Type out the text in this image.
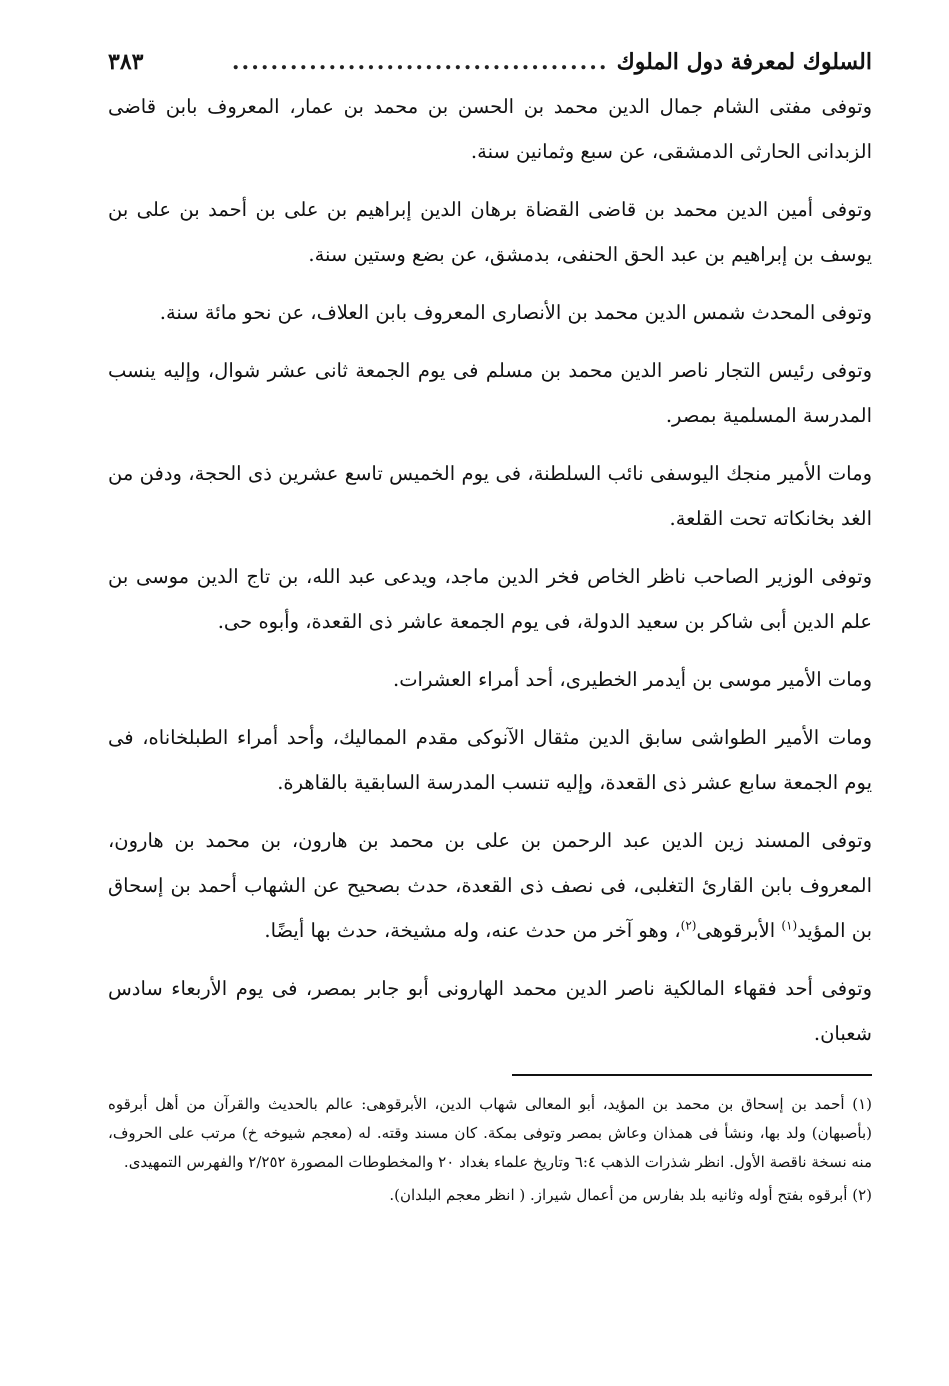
السلوك لمعرفة دول الملوك
.......................................
٣٨٣

وتوفى مفتى الشام جمال الدين محمد بن الحسن بن محمد بن عمار، المعروف بابن قاضى الزبدانى الحارثى الدمشقى، عن سبع وثمانين سنة.

وتوفى أمين الدين محمد بن قاضى القضاة برهان الدين إبراهيم بن على بن أحمد بن على بن يوسف بن إبراهيم بن عبد الحق الحنفى، بدمشق، عن بضع وستين سنة.

وتوفى المحدث شمس الدين محمد بن الأنصارى المعروف بابن العلاف، عن نحو مائة سنة.

وتوفى رئيس التجار ناصر الدين محمد بن مسلم فى يوم الجمعة ثانى عشر شوال، وإليه ينسب المدرسة المسلمية بمصر.

ومات الأمير منجك اليوسفى نائب السلطنة، فى يوم الخميس تاسع عشرين ذى الحجة، ودفن من الغد بخانكاته تحت القلعة.

وتوفى الوزير الصاحب ناظر الخاص فخر الدين ماجد، ويدعى عبد الله، بن تاج الدين موسى بن علم الدين أبى شاكر بن سعيد الدولة، فى يوم الجمعة عاشر ذى القعدة، وأبوه حى.

ومات الأمير موسى بن أيدمر الخطيرى، أحد أمراء العشرات.

ومات الأمير الطواشى سابق الدين مثقال الآنوكى مقدم المماليك، وأحد أمراء الطبلخاناه، فى يوم الجمعة سابع عشر ذى القعدة، وإليه تنسب المدرسة السابقية بالقاهرة.

وتوفى المسند زين الدين عبد الرحمن بن على بن محمد بن هارون، بن محمد بن هارون، المعروف بابن القارئ التغلبى، فى نصف ذى القعدة، حدث بصحيح عن الشهاب أحمد بن إسحاق بن المؤيد$^{(١)}$ الأبرقوهى$^{(٢)}$، وهو آخر من حدث عنه، وله مشيخة، حدث بها أيضًا.

وتوفى أحد فقهاء المالكية ناصر الدين محمد الهارونى أبو جابر بمصر، فى يوم الأربعاء سادس شعبان.

(١) أحمد بن إسحاق بن محمد بن المؤيد، أبو المعالى شهاب الدين، الأبرقوهى: عالم بالحديث والقرآن من أهل أبرقوه (بأصبهان) ولد بها، ونشأ فى همذان وعاش بمصر وتوفى بمكة. كان مسند وقته. له (معجم شيوخه خ) مرتب على الحروف، منه نسخة ناقصة الأول. انظر شذرات الذهب ٦:٤ وتاريخ علماء بغداد ٢٠ والمخطوطات المصورة ٢/٢٥٢ والفهرس التمهيدى.

(٢) أبرقوه بفتح أوله وثانيه بلد بفارس من أعمال شيراز. ( انظر معجم البلدان).
